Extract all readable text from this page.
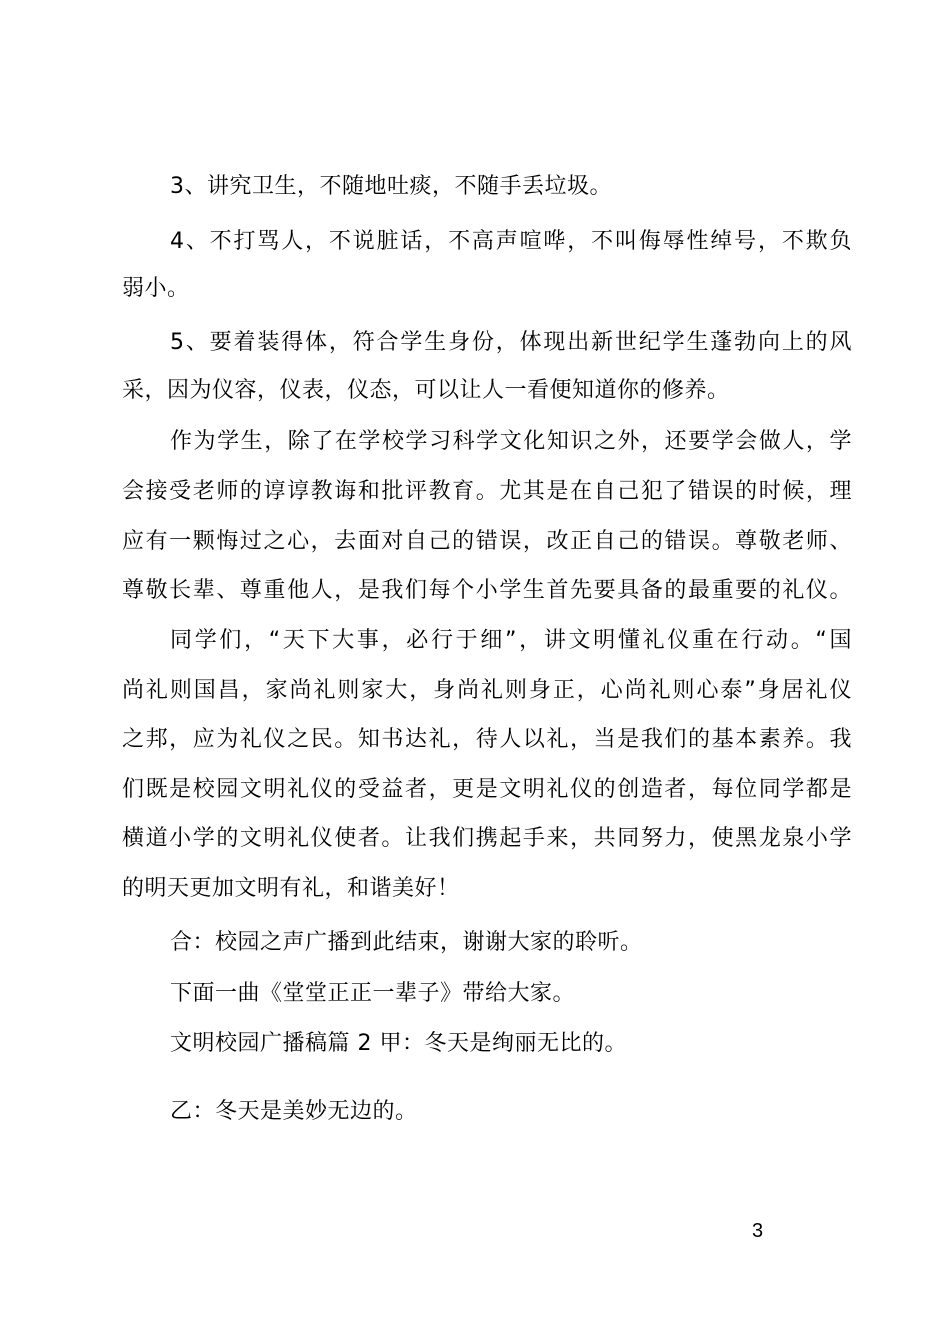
3、讲究卫生，不随地吐痰，不随手丢垃圾。
4、不打骂人，不说脏话，不高声喧哗，不叫侮辱性绰号，不欺负
弱小。
5、要着装得体，符合学生身份，体现出新世纪学生蓬勃向上的风
采，因为仪容，仪表，仪态，可以让人一看便知道你的修养。
作为学生，除了在学校学习科学文化知识之外，还要学会做人，学
会接受老师的谆谆教诲和批评教育。尤其是在自己犯了错误的时候，理
应有一颗悔过之心，去面对自己的错误，改正自己的错误。尊敬老师、
尊敬长辈、尊重他人，是我们每个小学生首先要具备的最重要的礼仪。
同学们，“天下大事，必行于细”，讲文明懂礼仪重在行动。“国
尚礼则国昌，家尚礼则家大，身尚礼则身正，心尚礼则心泰”身居礼仪
之邦，应为礼仪之民。知书达礼，待人以礼，当是我们的基本素养。我
们既是校园文明礼仪的受益者，更是文明礼仪的创造者，每位同学都是
横道小学的文明礼仪使者。让我们携起手来，共同努力，使黑龙泉小学
的明天更加文明有礼，和谐美好！
合：校园之声广播到此结束，谢谢大家的聆听。
下面一曲《堂堂正正一辈子》带给大家。
文明校园广播稿篇 2 甲：冬天是绚丽无比的。
乙：冬天是美妙无边的。
3
